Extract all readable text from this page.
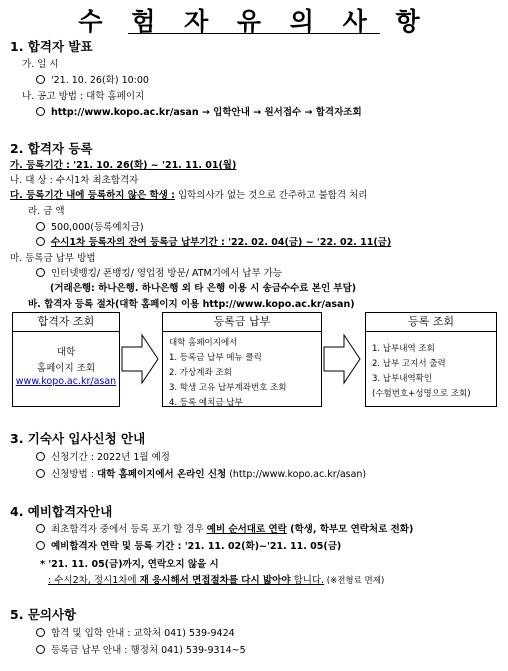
수 험 자 유 의 사 항
1. 합격자 발표
가. 일 시
'21. 10. 26(화) 10:00
나. 공고 방법 : 대학 홈페이지
http://www.kopo.ac.kr/asan → 입학안내 → 원서접수 → 합격자조회
2. 합격자 등록
가. 등록기간 : '21. 10. 26(화) ~ '21. 11. 01(월)
나. 대 상 : 수시1차 최초합격자
다. 등록기간 내에 등록하지 않은 학생 : 입학의사가 없는 것으로 간주하고 불합격 처리
라. 금 액
500,000(등록예치금)
수시1차 등록자의 잔여 등록금 납부기간 : '22. 02. 04(금) ~ '22. 02. 11(금)
마. 등록금 납부 방법
인터넷뱅킹/ 폰뱅킹/ 영업점 방문/ ATM기에서 납부 가능
(거래은행: 하나은행. 하나은행 외 타 은행 이용 시 송금수수료 본인 부담)
바. 합격자 등록 절차(대학 홈페이지 이용 http://www.kopo.ac.kr/asan)
합격자 조회
대학
홈페이지 조회
www.kopo.ac.kr/asan
등록금 납부
대학 홈페이지에서
1. 등록금 납부 메뉴 클릭
2. 가상계좌 조회
3. 학생 고유 납부계좌번호 조회
4. 등록 예치금 납부
등록 조회
1. 납부내역 조회
2. 납부 고지서 출력
3. 납부내역확인
(수험번호+성명으로 조회)
3. 기숙사 입사신청 안내
신청기간 : 2022년 1월 예정
신청방법 : 대학 홈페이지에서 온라인 신청 (http://www.kopo.ac.kr/asan)
4. 예비합격자안내
최초합격자 중에서 등록 포기 할 경우 예비 순서대로 연락 (학생, 학부모 연락처로 전화)
예비합격자 연락 및 등록 기간 : '21. 11. 02(화)~'21. 11. 05(금)
* '21. 11. 05(금)까지, 연락오지 않을 시
: 수시2차, 정시1차에 재 응시해서 면접절차를 다시 밟아야 합니다. (※전형료 면제)
5. 문의사항
합격 및 입학 안내 : 교학처 041) 539-9424
등록금 납부 안내 : 행정처 041) 539-9314~5
